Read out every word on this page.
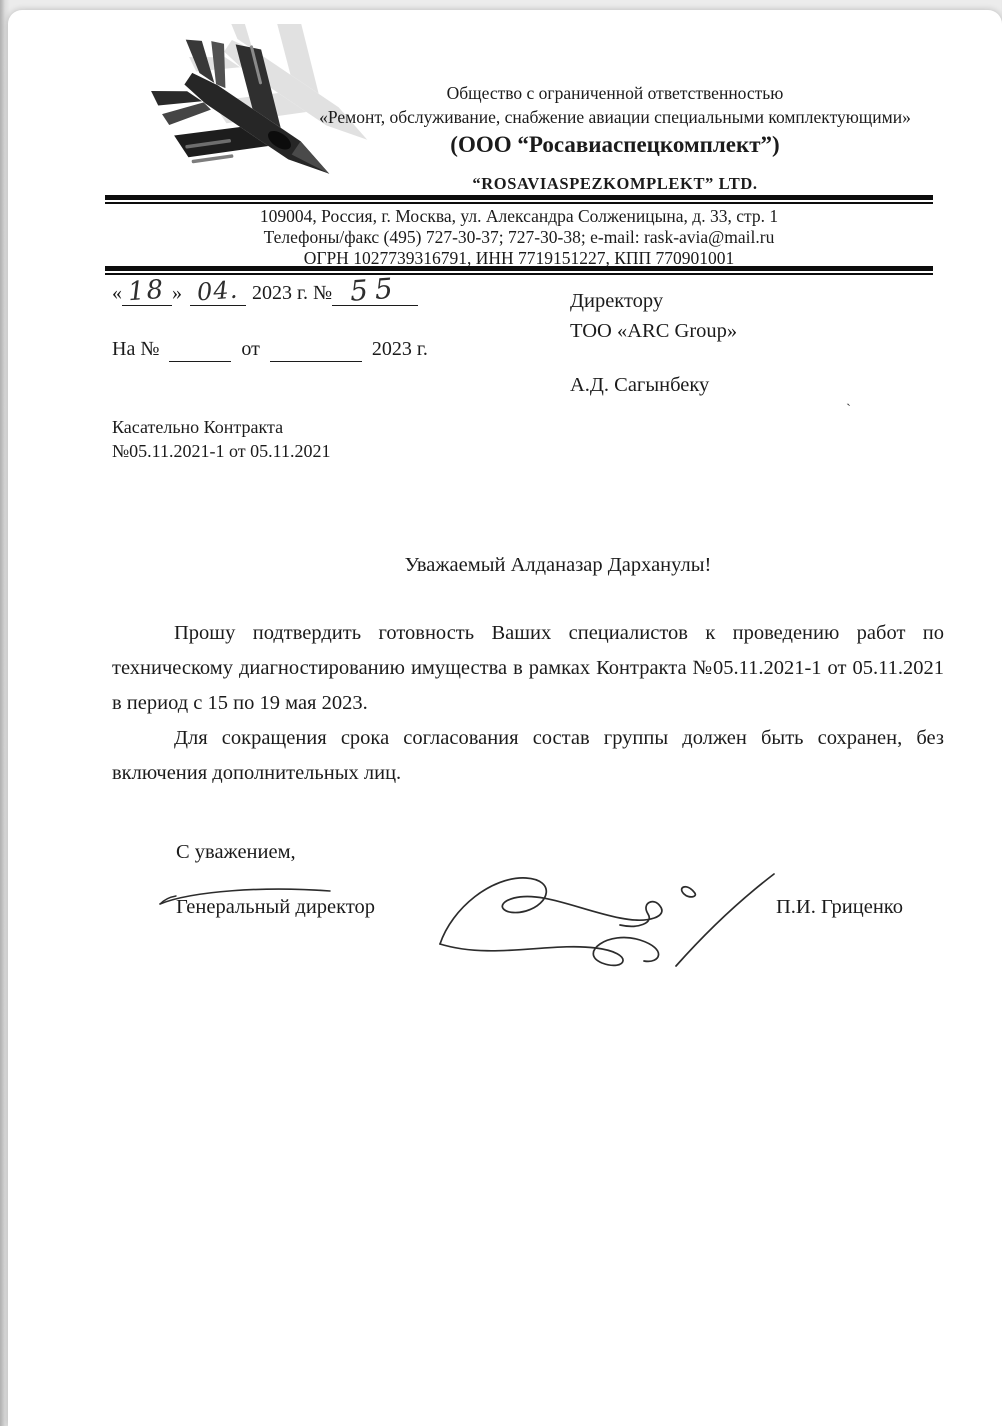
Общество с ограниченной ответственностью
«Ремонт, обслуживание, снабжение авиации специальными комплектующими»
(ООО “Росавиаспецкомплект”)
“ROSAVIASPEZKOMPLEKT” LTD.
109004, Россия, г. Москва, ул. Александра Солженицына, д. 33, стр. 1
Телефоны/факс (495) 727-30-37; 727-30-38; e-mail: rask-avia@mail.ru
ОГРН 1027739316791, ИНН 7719151227, КПП 770901001
« 18 » 04. 2023 г. № 55
На №	от	2023 г.
Директору
ТОО «ARC Group»
А.Д. Сагынбеку
`
Касательно Контракта
№05.11.2021-1 от 05.11.2021
Уважаемый Алданазар Дарханулы!

Прошу подтвердить готовность Ваших специалистов к проведению работ по техническому диагностированию имущества в рамках Контракта №05.11.2021-1 от 05.11.2021 в период с 15 по 19 мая 2023.

Для сокращения срока согласования состав группы должен быть сохранен, без включения дополнительных лиц.

С уважением,
Генеральный директор	П.И. Гриценко
